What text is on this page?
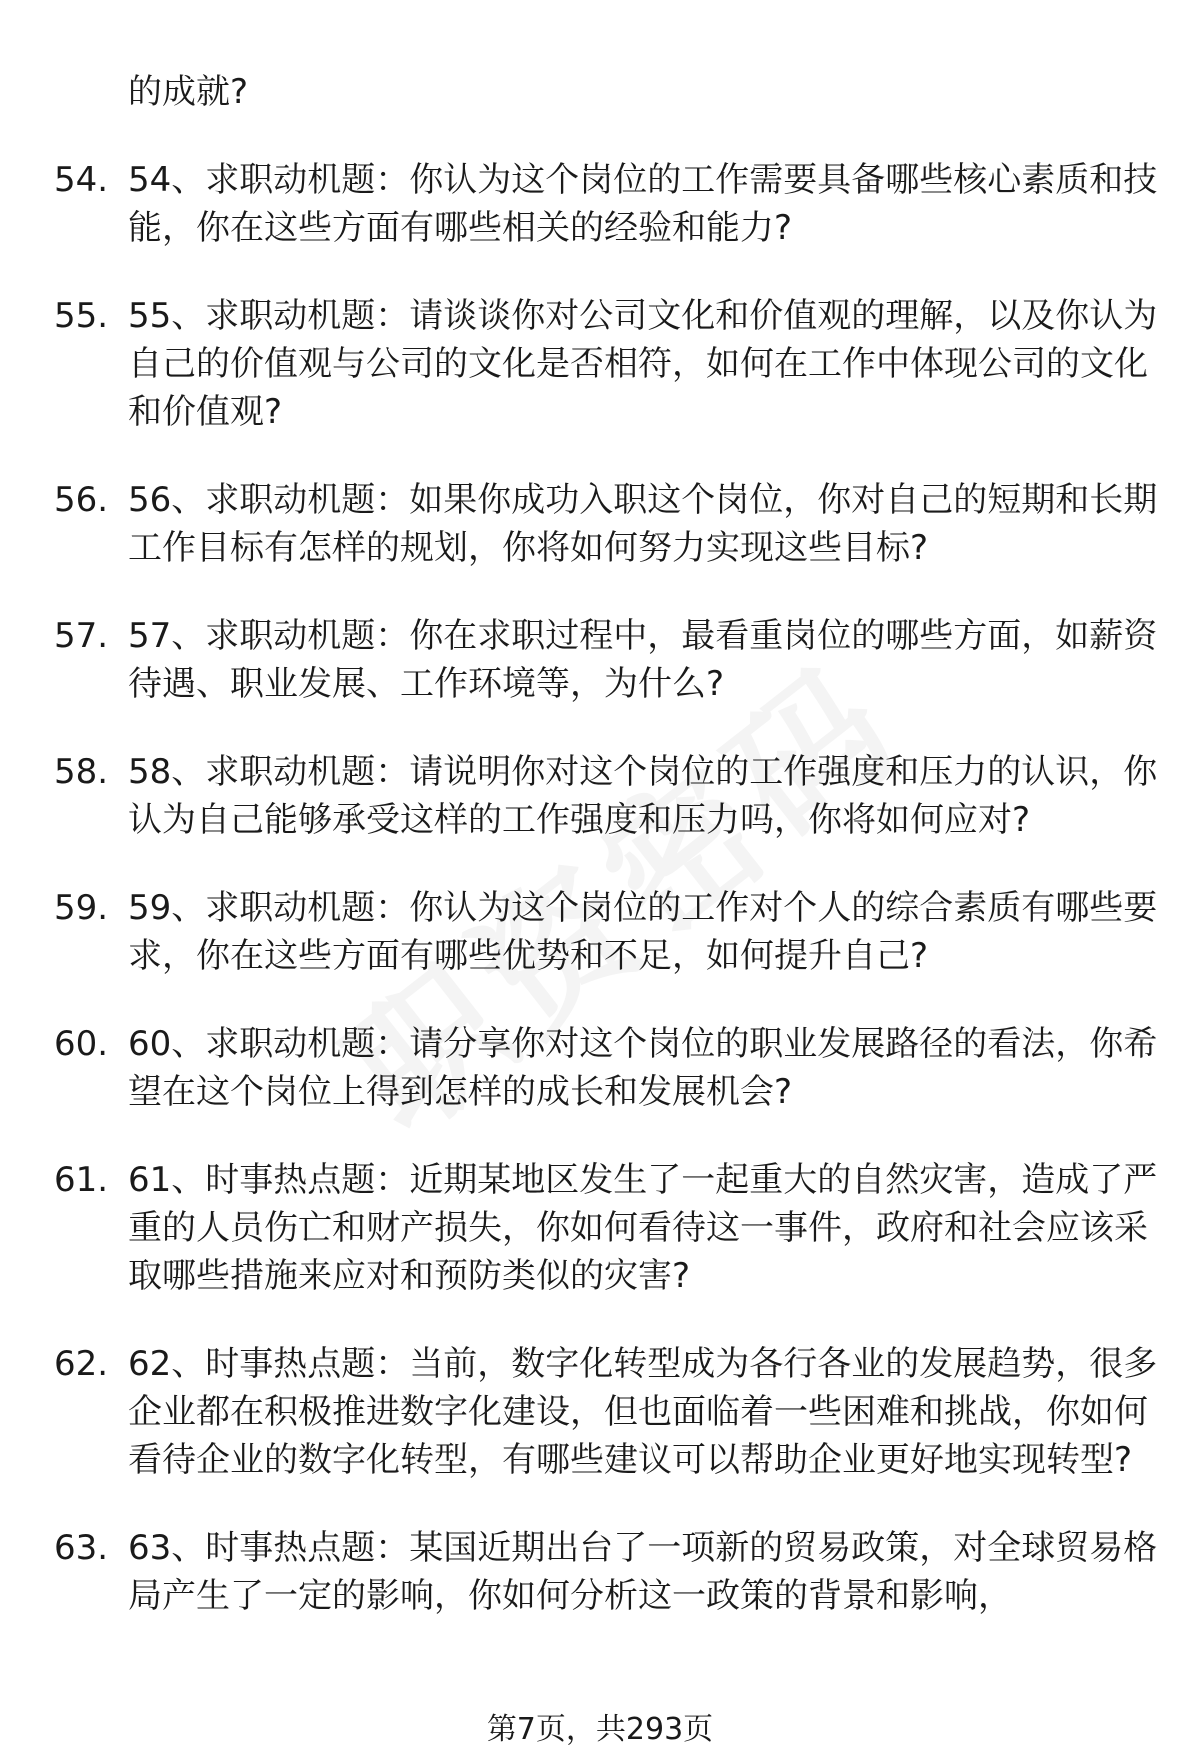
的成就?
54. 54、求职动机题：你认为这个岗位的工作需要具备哪些核心素质和技能，你在这些方面有哪些相关的经验和能力?
55. 55、求职动机题：请谈谈你对公司文化和价值观的理解，以及你认为自己的价值观与公司的文化是否相符，如何在工作中体现公司的文化和价值观?
56. 56、求职动机题：如果你成功入职这个岗位，你对自己的短期和长期工作目标有怎样的规划，你将如何努力实现这些目标?
57. 57、求职动机题：你在求职过程中，最看重岗位的哪些方面，如薪资待遇、职业发展、工作环境等，为什么?
58. 58、求职动机题：请说明你对这个岗位的工作强度和压力的认识，你认为自己能够承受这样的工作强度和压力吗，你将如何应对?
59. 59、求职动机题：你认为这个岗位的工作对个人的综合素质有哪些要求，你在这些方面有哪些优势和不足，如何提升自己?
60. 60、求职动机题：请分享你对这个岗位的职业发展路径的看法，你希望在这个岗位上得到怎样的成长和发展机会?
61. 61、时事热点题：近期某地区发生了一起重大的自然灾害，造成了严重的人员伤亡和财产损失，你如何看待这一事件，政府和社会应该采取哪些措施来应对和预防类似的灾害?
62. 62、时事热点题：当前，数字化转型成为各行各业的发展趋势，很多企业都在积极推进数字化建设，但也面临着一些困难和挑战，你如何看待企业的数字化转型，有哪些建议可以帮助企业更好地实现转型?
63. 63、时事热点题：某国近期出台了一项新的贸易政策，对全球贸易格局产生了一定的影响，你如何分析这一政策的背景和影响，
第7页，共293页
